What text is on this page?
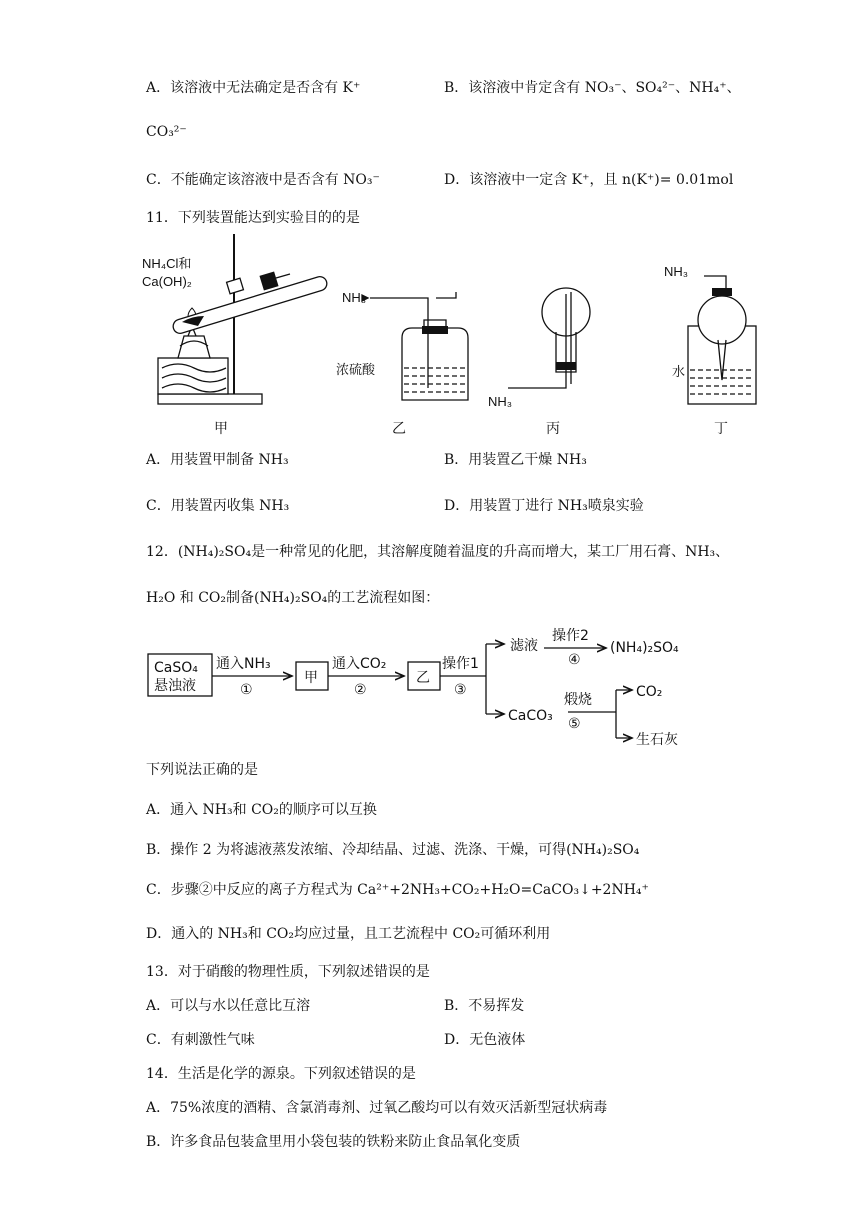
A．该溶液中无法确定是否含有 K⁺	B．该溶液中肯定含有 NO₃⁻、SO₄²⁻、NH₄⁺、
CO₃²⁻
C．不能确定该溶液中是否含有 NO₃⁻	D．该溶液中一定含 K⁺，且 n(K⁺)= 0.01mol
11．下列装置能达到实验目的的是
NH₄Cl和
Ca(OH)₂
甲
NH₃
浓硫酸
乙
NH₃
丙
NH₃
水
丁
A．用装置甲制备 NH₃	B．用装置乙干燥 NH₃
C．用装置丙收集 NH₃	D．用装置丁进行 NH₃喷泉实验
12．(NH₄)₂SO₄是一种常见的化肥，其溶解度随着温度的升高而增大，某工厂用石膏、NH₃、
H₂O 和 CO₂制备(NH₄)₂SO₄的工艺流程如图：
CaSO₄
悬浊液
通入NH₃
①
甲
通入CO₂
②
乙
操作1
③
滤液
操作2
④
(NH₄)₂SO₄
CaCO₃
煅烧
⑤
CO₂
生石灰
下列说法正确的是
A．通入 NH₃和 CO₂的顺序可以互换
B．操作 2 为将滤液蒸发浓缩、冷却结晶、过滤、洗涤、干燥，可得(NH₄)₂SO₄
C．步骤②中反应的离子方程式为 Ca²⁺+2NH₃+CO₂+H₂O=CaCO₃↓+2NH₄⁺
D．通入的 NH₃和 CO₂均应过量，且工艺流程中 CO₂可循环利用
13．对于硝酸的物理性质，下列叙述错误的是
A．可以与水以任意比互溶	B．不易挥发
C．有刺激性气味	D．无色液体
14．生活是化学的源泉。下列叙述错误的是
A．75%浓度的酒精、含氯消毒剂、过氧乙酸均可以有效灭活新型冠状病毒
B．许多食品包装盒里用小袋包装的铁粉来防止食品氧化变质
